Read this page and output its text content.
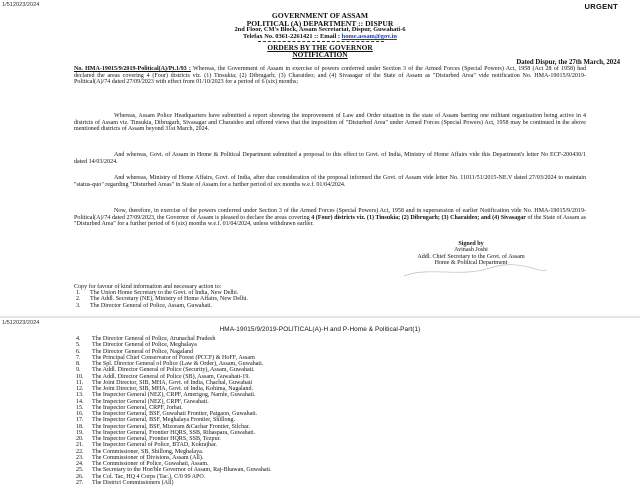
1/512023/2024	URGENT
GOVERNMENT OF ASSAM
POLITICAL (A) DEPARTMENT :: DISPUR
2nd Floor, CM's Block, Assam Secretariat, Dispur, Guwahati-6
Telefax No. 0361-2261421 :: Email : home.assam@gov.in
ORDERS BY THE GOVERNOR
NOTIFICATION
Dated Dispur, the 27th March, 2024
No. HMA-19015/9/2019-Political(A)/Pt.1/93 : Whereas, the Government of Assam in exercise of powers conferred under Section 3 of the Armed Forces (Special Powers) Act, 1958 (Act 28 of 1958) had declared the areas covering 4 (Four) districts viz. (1) Tinsukia; (2) Dibrugarh; (3) Charaideo; and (4) Sivasagar of the State of Assam as "Disturbed Area" vide notification No. HMA-19015/9/2019-Political(A)/74 dated 27/09/2023 with effect from 01/10/2023 for a period of 6 (six) months;
Whereas, Assam Police Headquarters have submitted a report showing the improvement of Law and Order situation in the state of Assam barring one militant organization being active in 4 districts of Assam viz. Tinsukia, Dibrugarh, Sivasagar and Charaideo and offered views that the imposition of "Disturbed Area" under Armed Forces (Special Powers) Act, 1958 may be continued in the above mentioned districts of Assam beyond 31st March, 2024.
And whereas, Govt. of Assam in Home & Political Department submitted a proposal to this effect to Govt. of India, Ministry of Home Affairs vide this Department's letter No ECF-200430/1 dated 14/03/2024.
And whereas, Ministry of Home Affairs, Govt. of India, after due consideration of the proposal informed the Govt. of Assam vide letter No. 11011/51/2015-NE.V dated 27/03/2024 to maintain "status-quo" regarding "Disturbed Areas" in State of Assam for a further period of six months w.e.f. 01/04/2024.
Now, therefore, in exercise of the powers conferred under Section 3 of the Armed Forces (Special Powers) Act, 1958 and in supersession of earlier Notification vide No. HMA-19015/9/2019-Political(A)/74 dated 27/09/2023, the Governor of Assam is pleased to declare the areas covering 4 (Four) districts viz. (1) Tinsukia; (2) Dibrugarh; (3) Charaideo; and (4) Sivasagar of the State of Assam as "Disturbed Area" for a further period of 6 (six) months w.e.f. 01/04/2024, unless withdrawn earlier.
Signed by
Avinash Joshi
Addl. Chief Secretary to the Govt. of Assam
Home & Political Department
Copy for favour of kind information and necessary action to:
1. The Union Home Secretary to the Govt. of India, New Delhi.
2. The Addl. Secretary (NE), Ministry of Home Affairs, New Delhi.
3. The Director General of Police, Assam, Guwahati.
1/512023/2024
HMA-19015/9/2019-POLITICAL(A)-H and P-Home & Political-Part(1)
4. The Director General of Police, Arunachal Pradesh
5. The Director General of Police, Meghalaya
6. The Director General of Police, Nagaland
7. The Principal Chief Conservator of Forest (PCCF) & HoFF, Assam
8. The Spl. Director General of Police (Law & Order), Assam, Guwahati.
9. The Addl. Director General of Police (Security), Assam, Guwahati.
10. The Addl. Director General of Police (SB), Assam, Guwahati-19.
11. The Joint Director, SIB, MHA, Govt. of India, Chachal, Guwahati
12. The Joint Director, SIB, MHA, Govt. of India, Kohima, Nagaland.
13. The Inspector General (NEZ), CRPF, Amerigog, Narnle, Guwahati.
14. The Inspector General (NEZ), CRPF, Guwahati.
15. The Inspector General, CRPF, Jorhat.
16. The Inspector General, BSF, Guwahati Frontier, Patgaon, Guwahati.
17. The Inspector General, BSF, Meghalaya Frontier, Shillong.
18. The Inspector General, BSF, Mizoram &Cachar Frontier, Silchar.
19. The Inspector General, Frontier HQRS, SSB, Rihaspara, Guwahati.
20. The Inspector General, Frontier HQRS, SSB, Tezpur.
21. The Inspector General of Police, BTAD, Kokrajhar.
22. The Commissioner, SB, Shillong, Meghalaya.
23. The Commissioner of Divisions, Assam (All).
24. The Commissioner of Police, Guwahati, Assam.
25. The Secretary to the Hon'ble Governor of Assam, Raj-Bhawan, Guwahati.
26. The Col. Tac, HQ 4 Corps (Tac.), C/0 99 APO.
27. The District Commissioners (All)
